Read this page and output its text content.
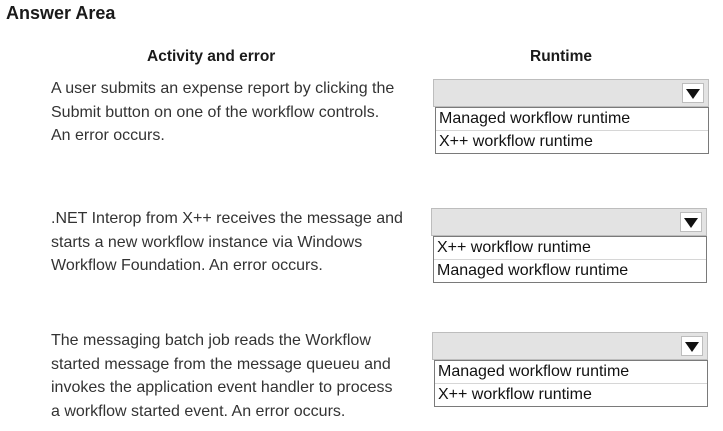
Answer Area
Activity and error	Runtime
A user submits an expense report by clicking the
Submit button on one of the workflow controls.
An error occurs.
Managed workflow runtime
X++ workflow runtime
.NET Interop from X++ receives the message and
starts a new workflow instance via Windows
Workflow Foundation. An error occurs.
X++ workflow runtime
Managed workflow runtime
The messaging batch job reads the Workflow
started message from the message queueu and
invokes the application event handler to process
a workflow started event. An error occurs.
Managed workflow runtime
X++ workflow runtime
